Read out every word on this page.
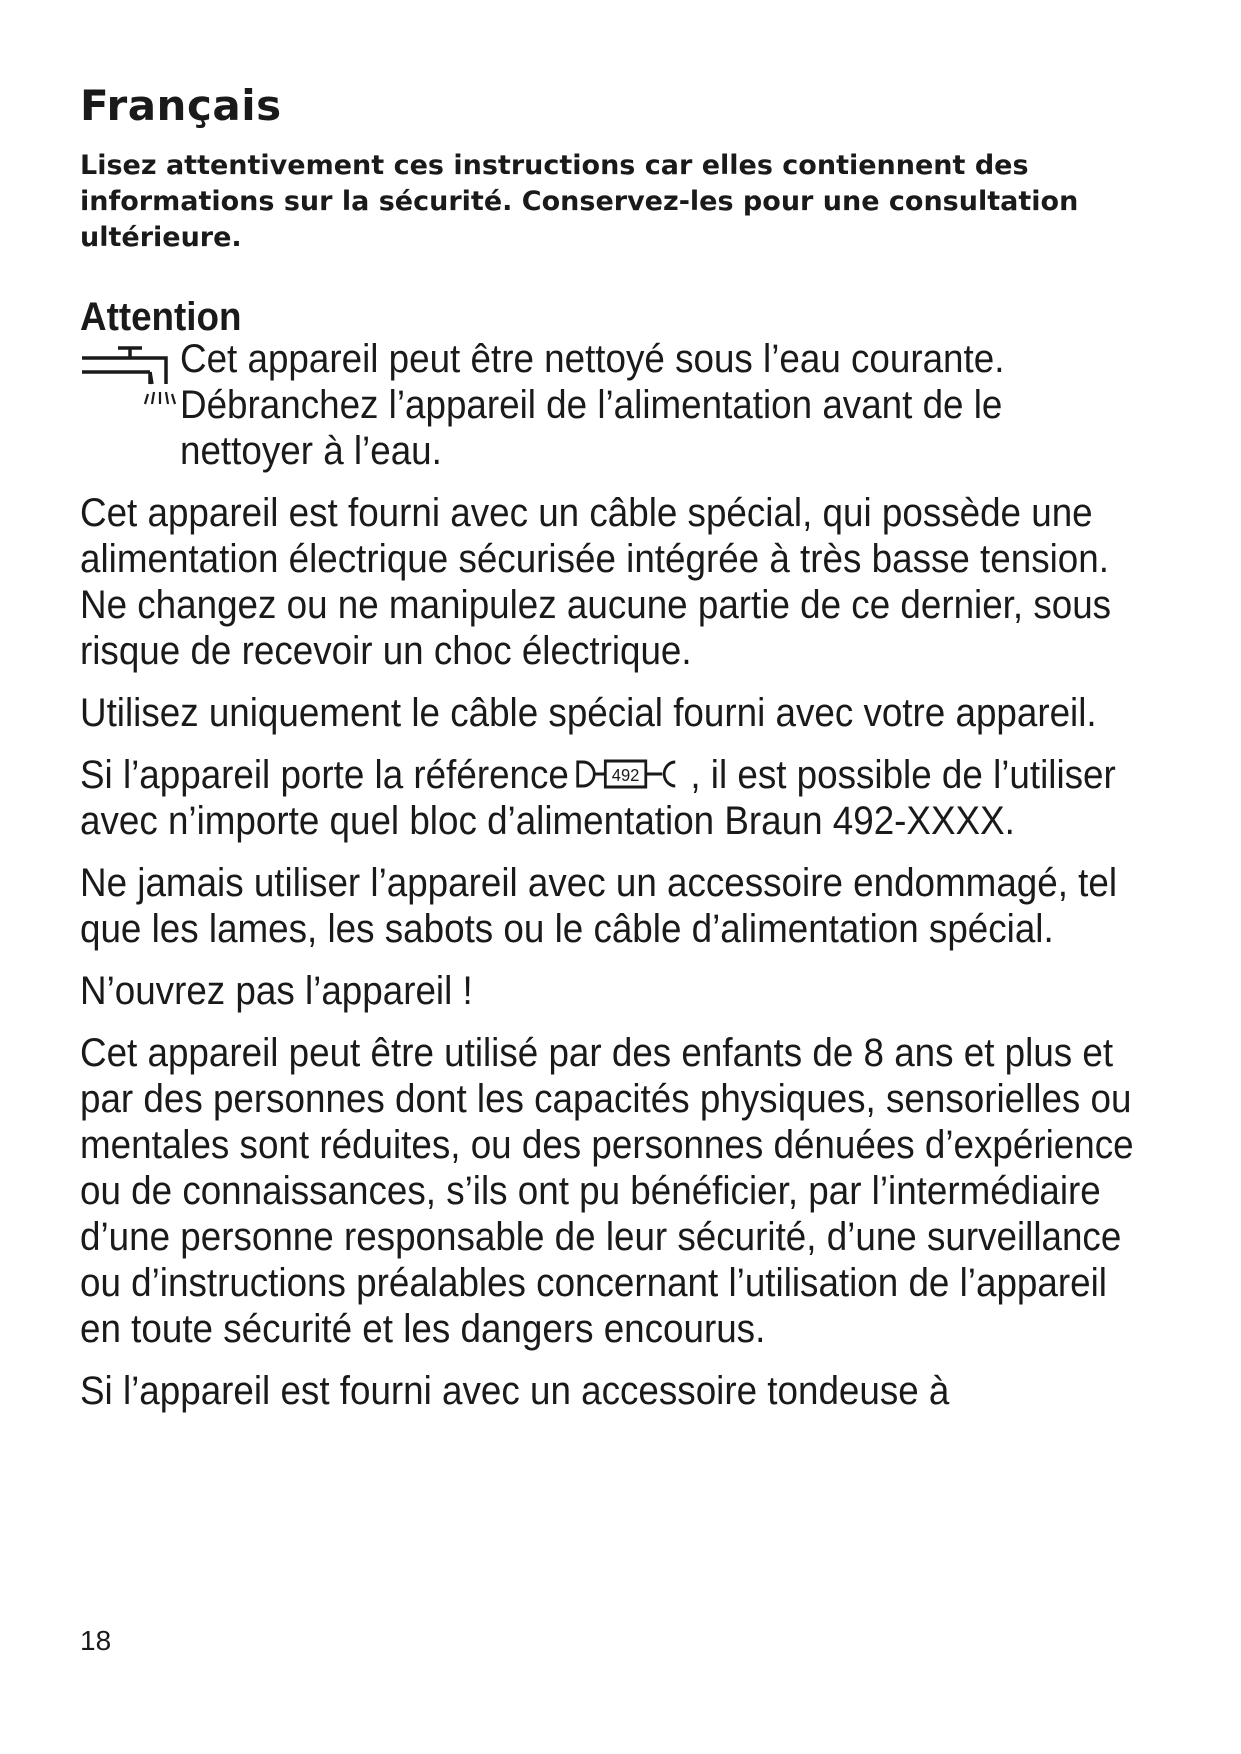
Français
Lisez attentivement ces instructions car elles contiennent des informations sur la sécurité. Conservez-les pour une consultation ultérieure.
Attention
Cet appareil peut être nettoyé sous l’eau courante. Débranchez l’appareil de l’alimentation avant de le nettoyer à l’eau.
Cet appareil est fourni avec un câble spécial, qui possède une alimentation électrique sécurisée intégrée à très basse tension. Ne changez ou ne manipulez aucune partie de ce dernier, sous risque de recevoir un choc électrique.
Utilisez uniquement le câble spécial fourni avec votre appareil.
Si l’appareil porte la référence 492 , il est possible de l’utiliser avec n’importe quel bloc d’alimentation Braun 492-XXXX.
Ne jamais utiliser l’appareil avec un accessoire endommagé, tel que les lames, les sabots ou le câble d’alimentation spécial.
N’ouvrez pas l’appareil !
Cet appareil peut être utilisé par des enfants de 8 ans et plus et par des personnes dont les capacités physiques, sensorielles ou mentales sont réduites, ou des personnes dénuées d’expérience ou de connaissances, s’ils ont pu bénéficier, par l’intermédiaire d’une personne responsable de leur sécurité, d’une surveillance ou d’instructions préalables concernant l’utilisation de l’appareil en toute sécurité et les dangers encourus.
Si l’appareil est fourni avec un accessoire tondeuse à
18
